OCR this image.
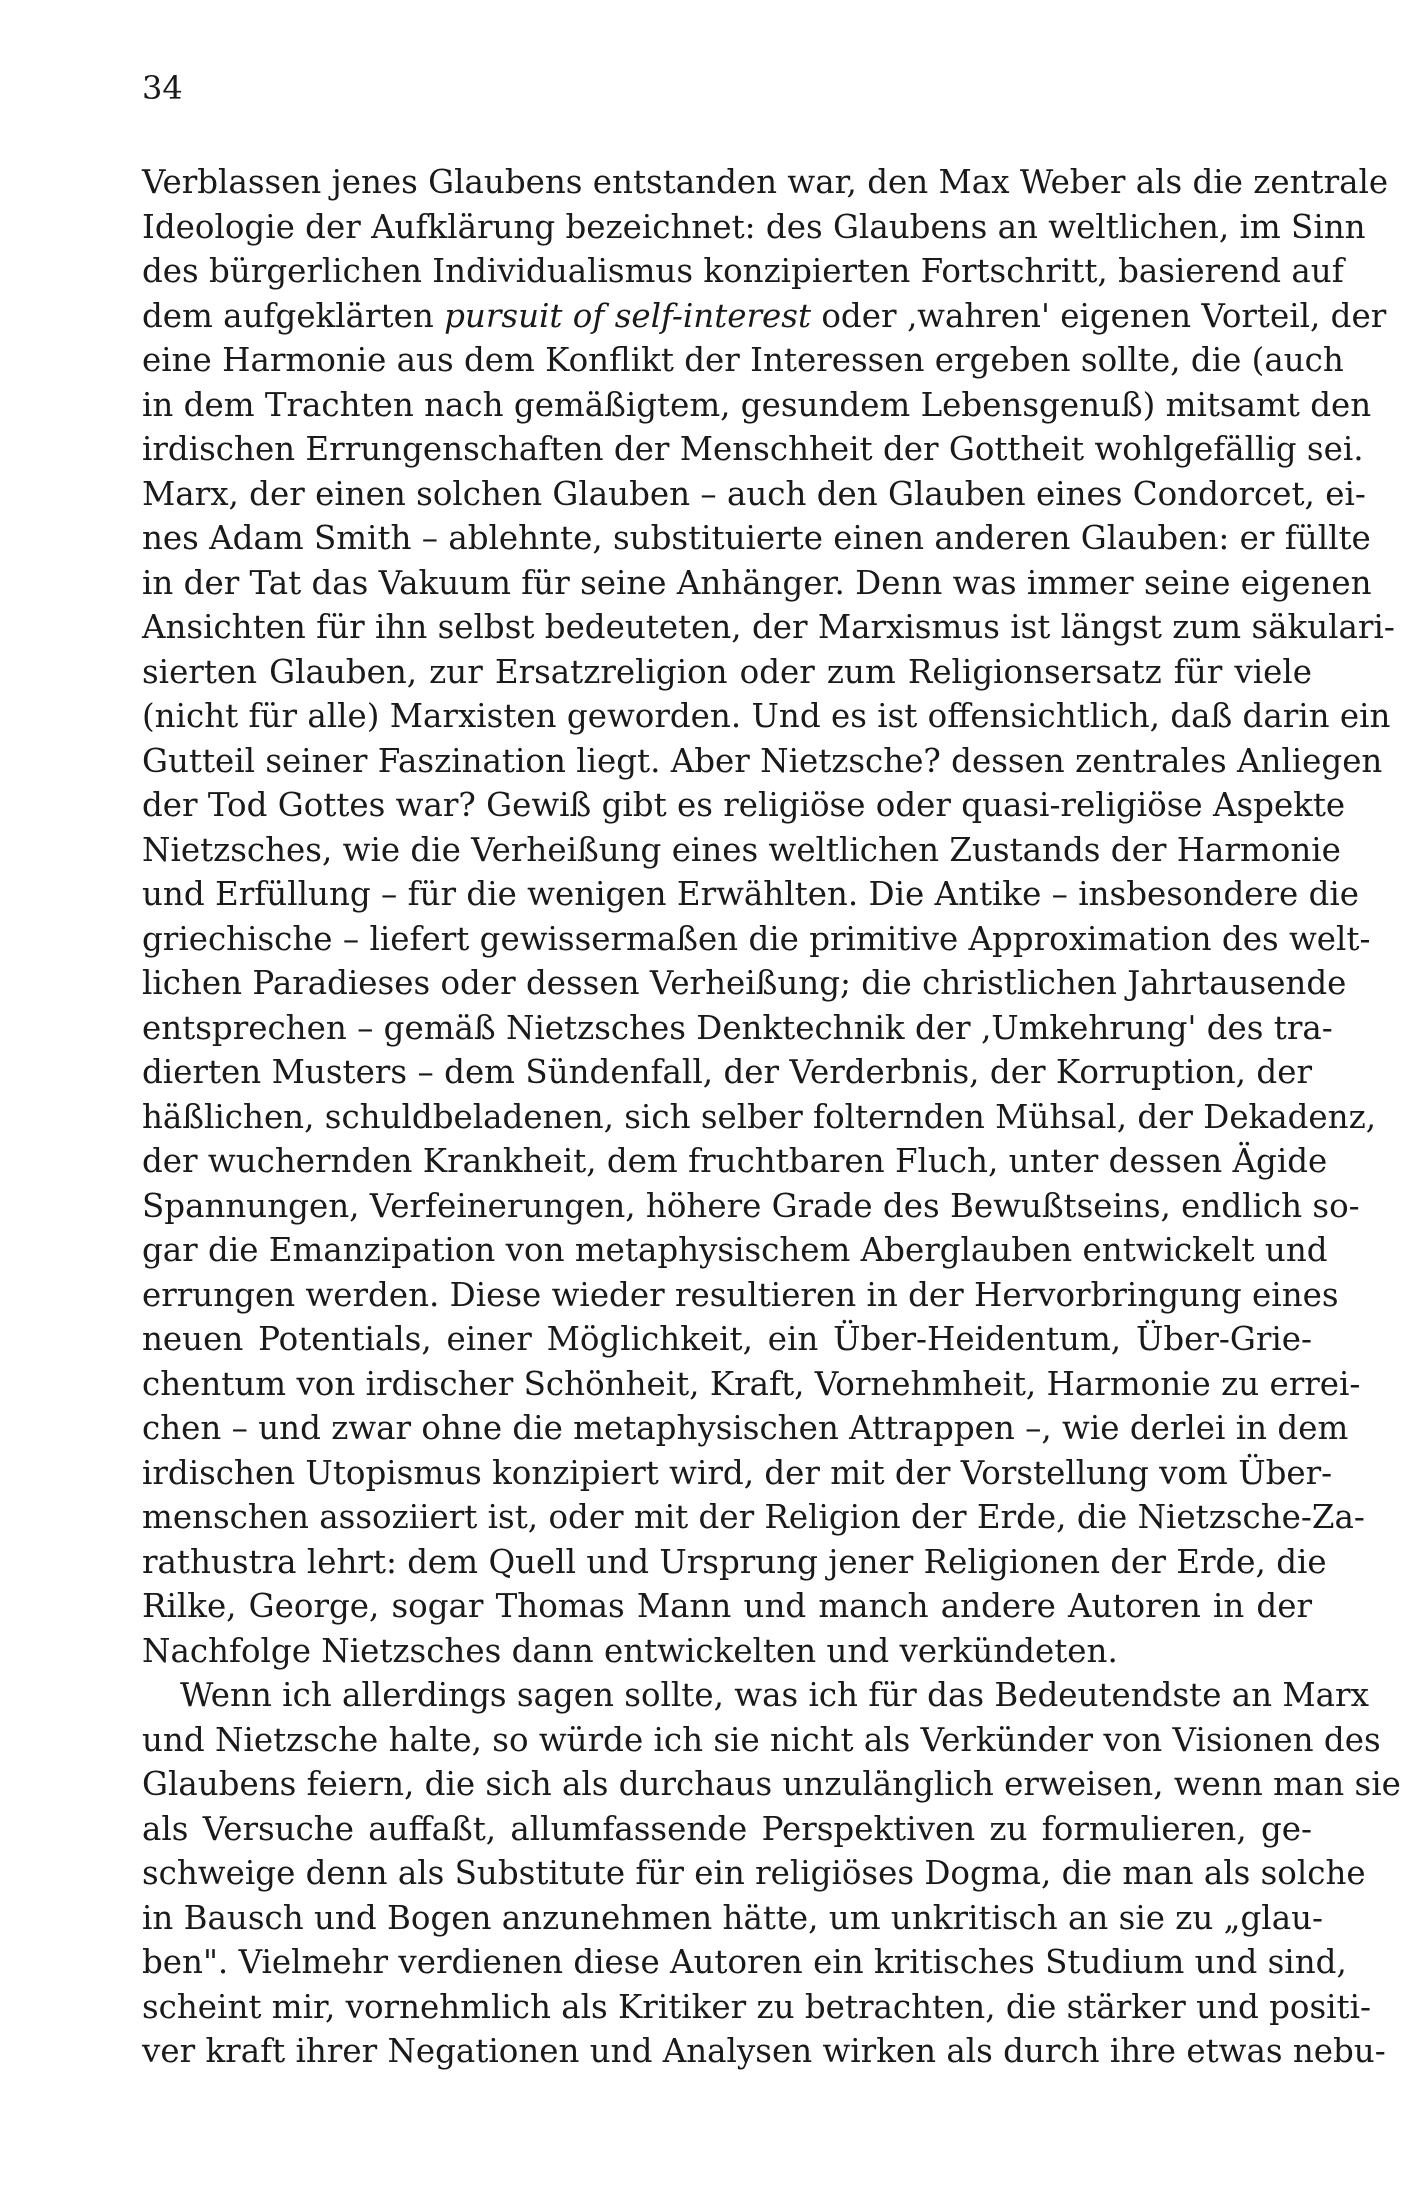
34
Verblassen jenes Glaubens entstanden war, den Max Weber als die zentrale
Ideologie der Aufklärung bezeichnet: des Glaubens an weltlichen, im Sinn
des bürgerlichen Individualismus konzipierten Fortschritt, basierend auf
dem aufgeklärten pursuit of self-interest oder ‚wahren' eigenen Vorteil, der
eine Harmonie aus dem Konflikt der Interessen ergeben sollte, die (auch
in dem Trachten nach gemäßigtem, gesundem Lebensgenuß) mitsamt den
irdischen Errungenschaften der Menschheit der Gottheit wohlgefällig sei.
Marx, der einen solchen Glauben – auch den Glauben eines Condorcet, ei-
nes Adam Smith – ablehnte, substituierte einen anderen Glauben: er füllte
in der Tat das Vakuum für seine Anhänger. Denn was immer seine eigenen
Ansichten für ihn selbst bedeuteten, der Marxismus ist längst zum säkulari-
sierten Glauben, zur Ersatzreligion oder zum Religionsersatz für viele
(nicht für alle) Marxisten geworden. Und es ist offensichtlich, daß darin ein
Gutteil seiner Faszination liegt. Aber Nietzsche? dessen zentrales Anliegen
der Tod Gottes war? Gewiß gibt es religiöse oder quasi-religiöse Aspekte
Nietzsches, wie die Verheißung eines weltlichen Zustands der Harmonie
und Erfüllung – für die wenigen Erwählten. Die Antike – insbesondere die
griechische – liefert gewissermaßen die primitive Approximation des welt-
lichen Paradieses oder dessen Verheißung; die christlichen Jahrtausende
entsprechen – gemäß Nietzsches Denktechnik der ‚Umkehrung' des tra-
dierten Musters – dem Sündenfall, der Verderbnis, der Korruption, der
häßlichen, schuldbeladenen, sich selber folternden Mühsal, der Dekadenz,
der wuchernden Krankheit, dem fruchtbaren Fluch, unter dessen Ägide
Spannungen, Verfeinerungen, höhere Grade des Bewußtseins, endlich so-
gar die Emanzipation von metaphysischem Aberglauben entwickelt und
errungen werden. Diese wieder resultieren in der Hervorbringung eines
neuen Potentials, einer Möglichkeit, ein Über-Heidentum, Über-Grie-
chentum von irdischer Schönheit, Kraft, Vornehmheit, Harmonie zu errei-
chen – und zwar ohne die metaphysischen Attrappen –, wie derlei in dem
irdischen Utopismus konzipiert wird, der mit der Vorstellung vom Über-
menschen assoziiert ist, oder mit der Religion der Erde, die Nietzsche-Za-
rathustra lehrt: dem Quell und Ursprung jener Religionen der Erde, die
Rilke, George, sogar Thomas Mann und manch andere Autoren in der
Nachfolge Nietzsches dann entwickelten und verkündeten.
Wenn ich allerdings sagen sollte, was ich für das Bedeutendste an Marx
und Nietzsche halte, so würde ich sie nicht als Verkünder von Visionen des
Glaubens feiern, die sich als durchaus unzulänglich erweisen, wenn man sie
als Versuche auffaßt, allumfassende Perspektiven zu formulieren, ge-
schweige denn als Substitute für ein religiöses Dogma, die man als solche
in Bausch und Bogen anzunehmen hätte, um unkritisch an sie zu „glau-
ben". Vielmehr verdienen diese Autoren ein kritisches Studium und sind,
scheint mir, vornehmlich als Kritiker zu betrachten, die stärker und positi-
ver kraft ihrer Negationen und Analysen wirken als durch ihre etwas nebu-
